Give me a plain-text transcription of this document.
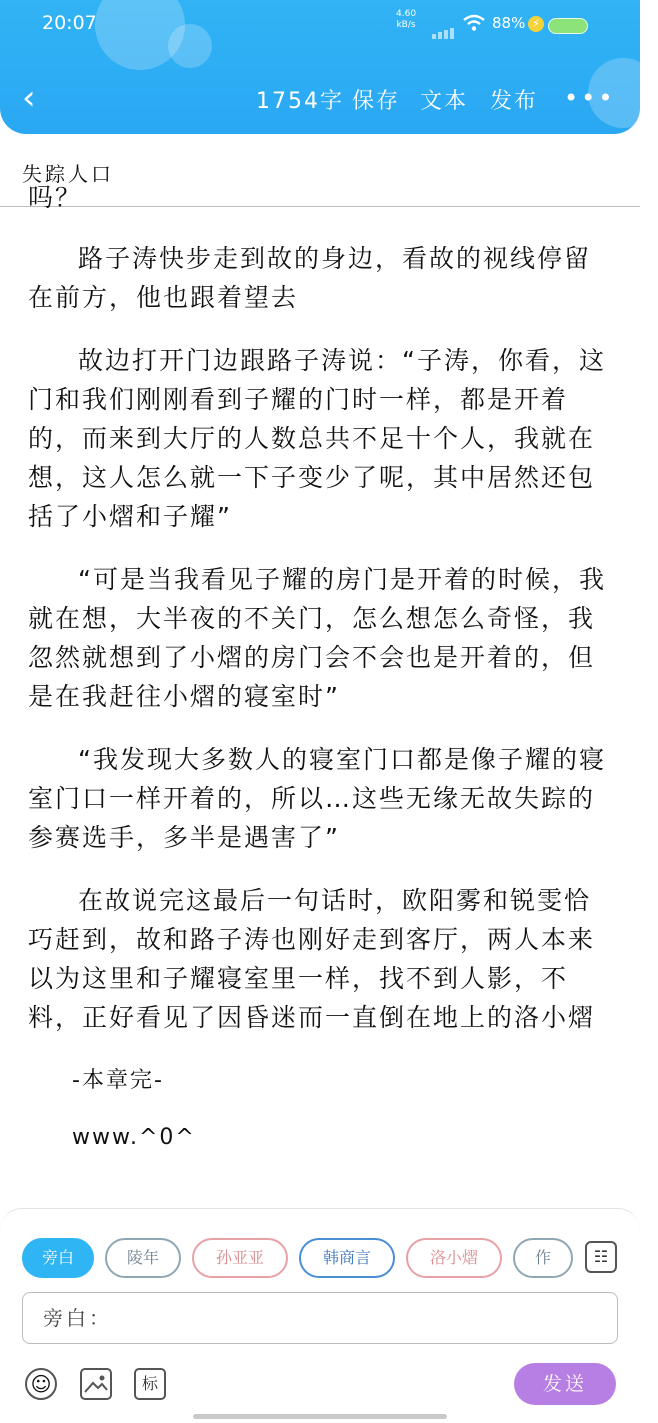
20:07	4.60
kB/s	88% ⚡
‹	1754字 保存 文本 发布 •••
失踪人口
吗？

路子涛快步走到故的身边，看故的视线停留在前方，他也跟着望去

故边打开门边跟路子涛说：“子涛，你看，这门和我们刚刚看到子耀的门时一样，都是开着的，而来到大厅的人数总共不足十个人，我就在想，这人怎么就一下子变少了呢，其中居然还包括了小熠和子耀”

“可是当我看见子耀的房门是开着的时候，我就在想，大半夜的不关门，怎么想怎么奇怪，我忽然就想到了小熠的房门会不会也是开着的，但是在我赶往小熠的寝室时”

“我发现大多数人的寝室门口都是像子耀的寝室门口一样开着的，所以…这些无缘无故失踪的参赛选手，多半是遇害了”

在故说完这最后一句话时，欧阳雾和锐雯恰巧赶到，故和路子涛也刚好走到客厅，两人本来以为这里和子耀寝室里一样，找不到人影，不料，正好看见了因昏迷而一直倒在地上的洛小熠

-本章完-

www.^0^

旁白	陵年	孙亚亚	韩商言	洛小熠	作	☷
旁白：
☺	标	发送
